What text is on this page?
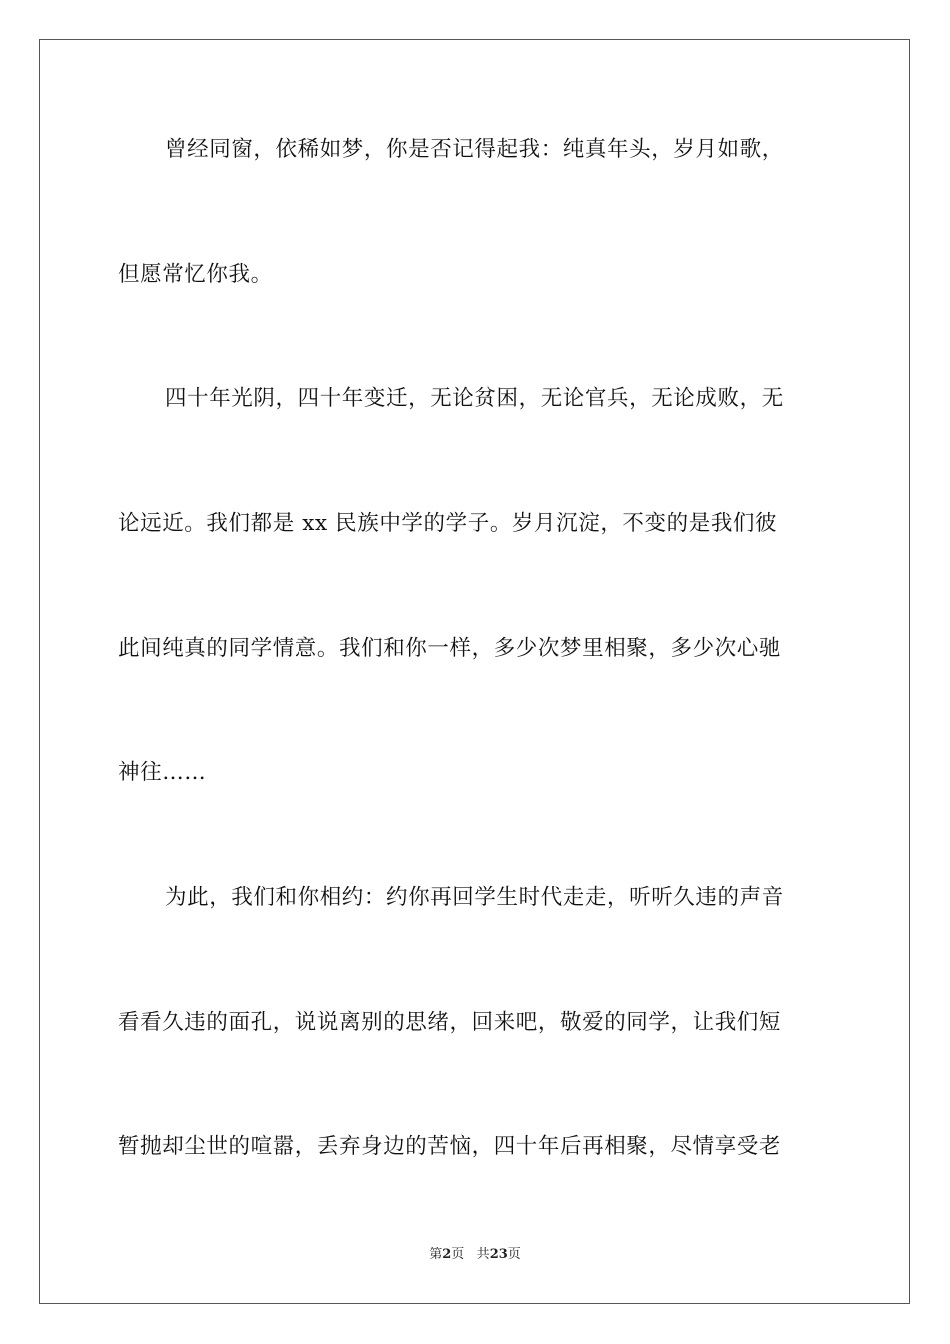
曾经同窗，依稀如梦，你是否记得起我：纯真年头，岁月如歌，
但愿常忆你我。
四十年光阴，四十年变迁，无论贫困，无论官兵，无论成败，无
论远近。我们都是 xx 民族中学的学子。岁月沉淀，不变的是我们彼
此间纯真的同学情意。我们和你一样，多少次梦里相聚，多少次心驰
神往……
为此，我们和你相约：约你再回学生时代走走，听听久违的声音
看看久违的面孔，说说离别的思绪，回来吧，敬爱的同学，让我们短
暂抛却尘世的喧嚣，丢弃身边的苦恼，四十年后再相聚，尽情享受老
第2页 共23页
